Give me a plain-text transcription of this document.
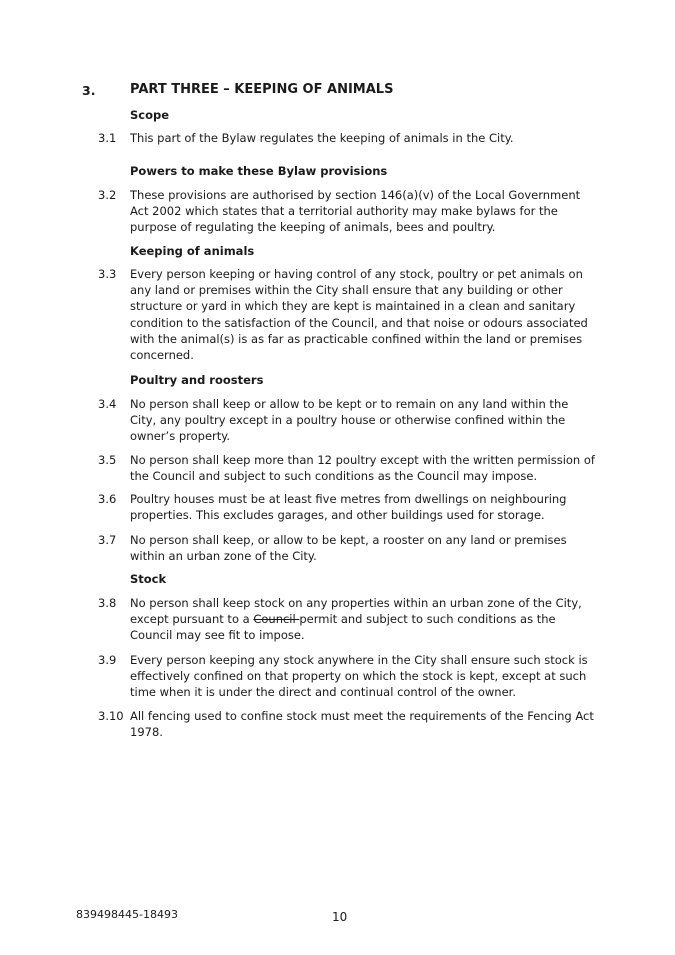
3.	PART THREE – KEEPING OF ANIMALS
Scope
3.1 This part of the Bylaw regulates the keeping of animals in the City.
Powers to make these Bylaw provisions
3.2 These provisions are authorised by section 146(a)(v) of the Local Government
Act 2002 which states that a territorial authority may make bylaws for the
purpose of regulating the keeping of animals, bees and poultry.
Keeping of animals
3.3 Every person keeping or having control of any stock, poultry or pet animals on
any land or premises within the City shall ensure that any building or other
structure or yard in which they are kept is maintained in a clean and sanitary
condition to the satisfaction of the Council, and that noise or odours associated
with the animal(s) is as far as practicable confined within the land or premises
concerned.
Poultry and roosters
3.4 No person shall keep or allow to be kept or to remain on any land within the
City, any poultry except in a poultry house or otherwise confined within the
owner’s property.
3.5 No person shall keep more than 12 poultry except with the written permission of
the Council and subject to such conditions as the Council may impose.
3.6 Poultry houses must be at least five metres from dwellings on neighbouring
properties. This excludes garages, and other buildings used for storage.
3.7 No person shall keep, or allow to be kept, a rooster on any land or premises
within an urban zone of the City.
Stock
3.8 No person shall keep stock on any properties within an urban zone of the City,
except pursuant to a Council permit and subject to such conditions as the
Council may see fit to impose.
3.9 Every person keeping any stock anywhere in the City shall ensure such stock is
effectively confined on that property on which the stock is kept, except at such
time when it is under the direct and continual control of the owner.
3.10 All fencing used to confine stock must meet the requirements of the Fencing Act
1978.
839498445-18493	10
